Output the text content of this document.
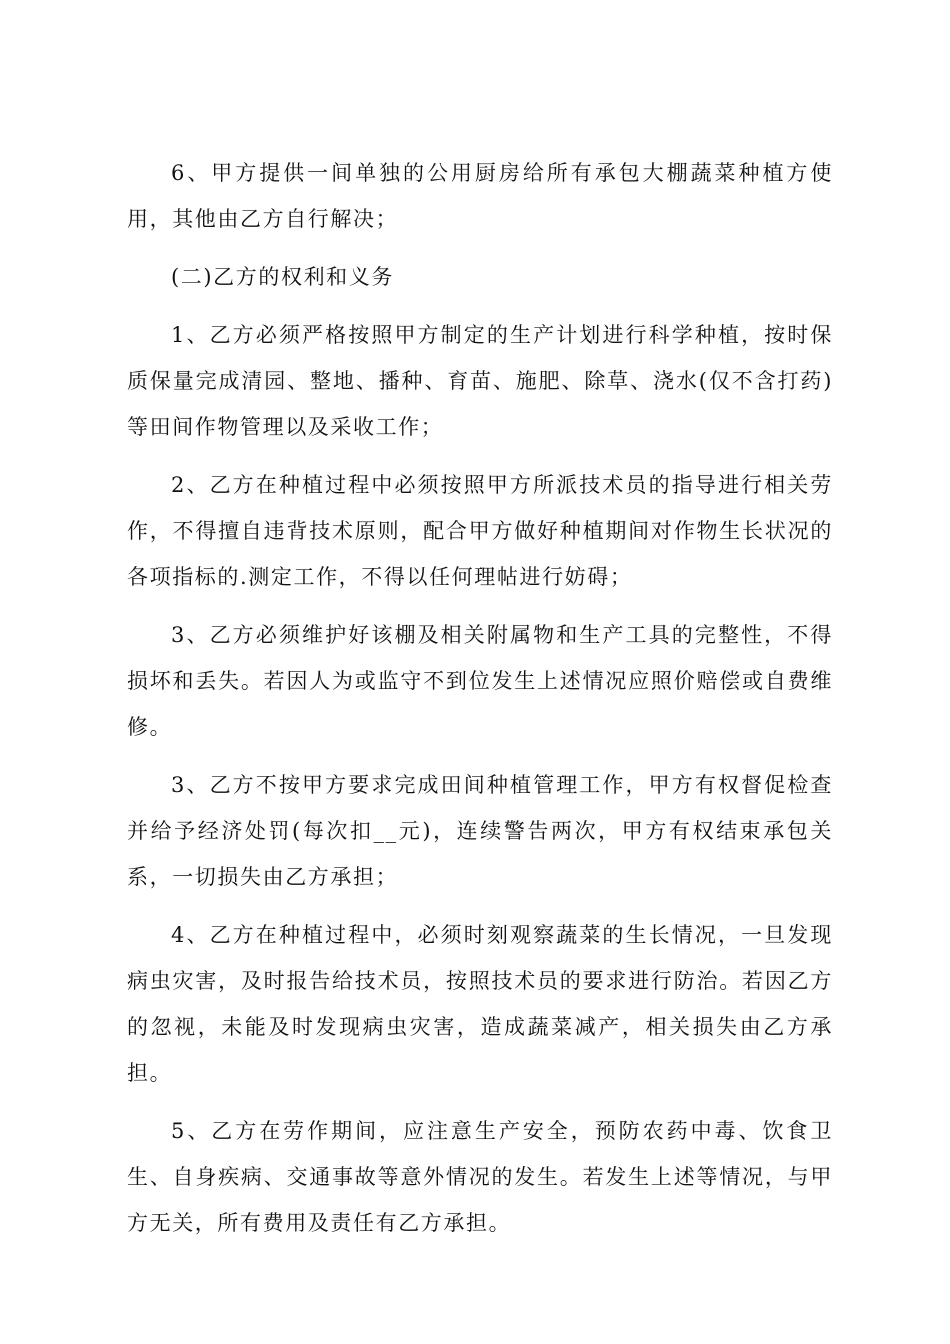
6、甲方提供一间单独的公用厨房给所有承包大棚蔬菜种植方使用，其他由乙方自行解决；

(二)乙方的权利和义务

1、乙方必须严格按照甲方制定的生产计划进行科学种植，按时保质保量完成清园、整地、播种、育苗、施肥、除草、浇水(仅不含打药)等田间作物管理以及采收工作；

2、乙方在种植过程中必须按照甲方所派技术员的指导进行相关劳作，不得擅自违背技术原则，配合甲方做好种植期间对作物生长状况的各项指标的.测定工作，不得以任何理帖进行妨碍；

3、乙方必须维护好该棚及相关附属物和生产工具的完整性，不得损坏和丢失。若因人为或监守不到位发生上述情况应照价赔偿或自费维修。

3、乙方不按甲方要求完成田间种植管理工作，甲方有权督促检查并给予经济处罚(每次扣__元)，连续警告两次，甲方有权结束承包关系，一切损失由乙方承担；

4、乙方在种植过程中，必须时刻观察蔬菜的生长情况，一旦发现病虫灾害，及时报告给技术员，按照技术员的要求进行防治。若因乙方的忽视，未能及时发现病虫灾害，造成蔬菜减产，相关损失由乙方承担。

5、乙方在劳作期间，应注意生产安全，预防农药中毒、饮食卫生、自身疾病、交通事故等意外情况的发生。若发生上述等情况，与甲方无关，所有费用及责任有乙方承担。
